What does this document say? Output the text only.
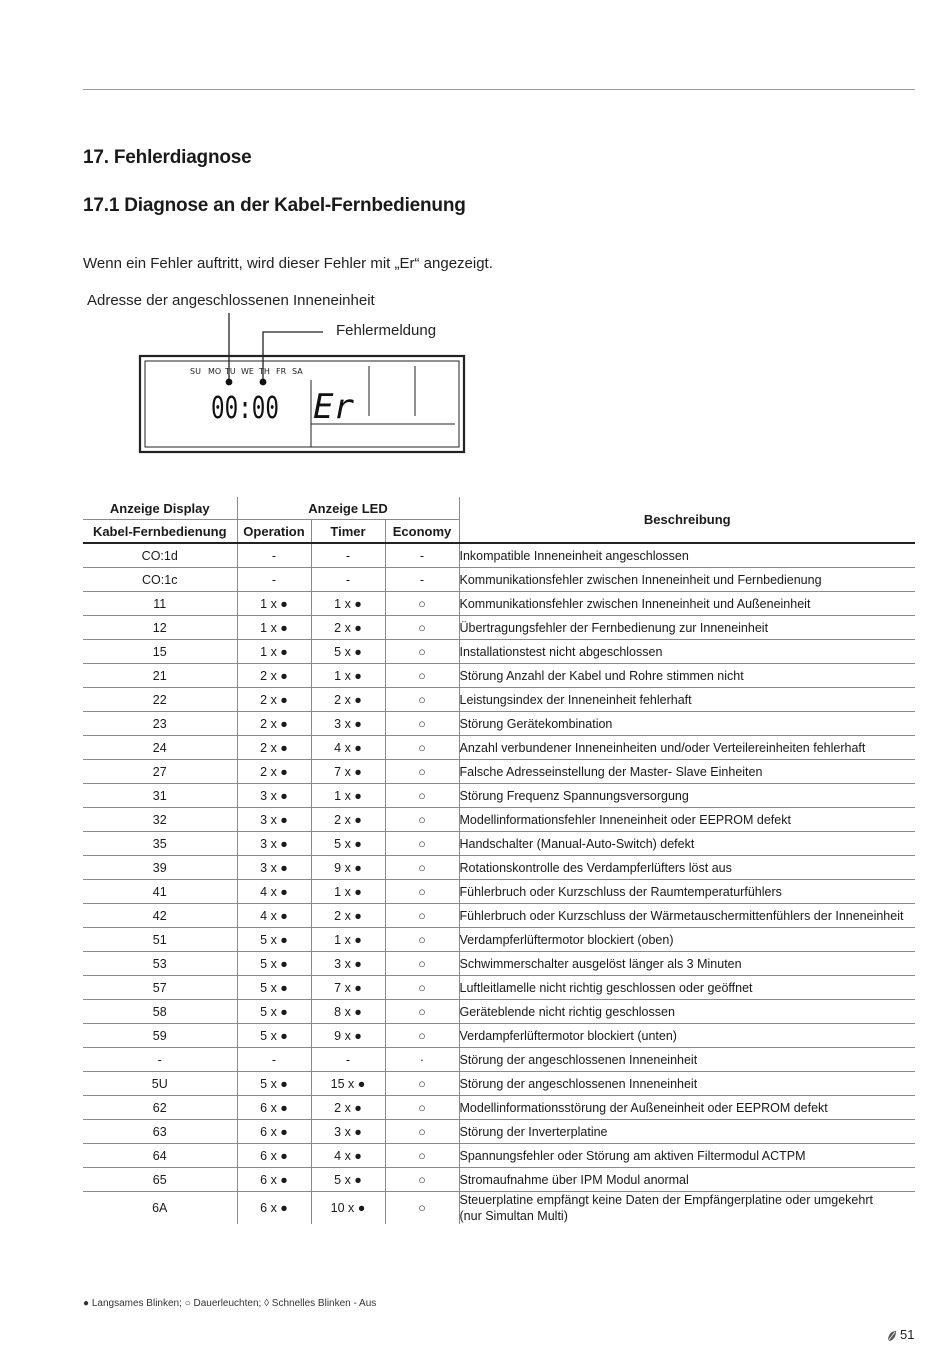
17. Fehlerdiagnose
17.1 Diagnose an der Kabel-Fernbedienung
Wenn ein Fehler auftritt, wird dieser Fehler mit „Er“ angezeigt.
Adresse der angeschlossenen Inneneinheit
Fehlermeldung
SU MO TU WE TH FR SA
00:00 Er
Anzeige Display	Anzeige LED			Beschreibung
Kabel-Fernbedienung	Operation	Timer	Economy	
CO:1d	-	-	-	Inkompatible Inneneinheit angeschlossen
CO:1c	-	-	-	Kommunikationsfehler zwischen Inneneinheit und Fernbedienung
11	1 x ●	1 x ●	○	Kommunikationsfehler zwischen Inneneinheit und Außeneinheit
12	1 x ●	2 x ●	○	Übertragungsfehler der Fernbedienung zur Inneneinheit
15	1 x ●	5 x ●	○	Installationstest nicht abgeschlossen
21	2 x ●	1 x ●	○	Störung Anzahl der Kabel und Rohre stimmen nicht
22	2 x ●	2 x ●	○	Leistungsindex der Inneneinheit fehlerhaft
23	2 x ●	3 x ●	○	Störung Gerätekombination
24	2 x ●	4 x ●	○	Anzahl verbundener Inneneinheiten und/oder Verteilereinheiten fehlerhaft
27	2 x ●	7 x ●	○	Falsche Adresseinstellung der Master- Slave Einheiten
31	3 x ●	1 x ●	○	Störung Frequenz Spannungsversorgung
32	3 x ●	2 x ●	○	Modellinformationsfehler Inneneinheit oder EEPROM defekt
35	3 x ●	5 x ●	○	Handschalter (Manual-Auto-Switch) defekt
39	3 x ●	9 x ●	○	Rotationskontrolle des Verdampferlüfters löst aus
41	4 x ●	1 x ●	○	Fühlerbruch oder Kurzschluss der Raumtemperaturfühlers
42	4 x ●	2 x ●	○	Fühlerbruch oder Kurzschluss der Wärmetauschermittenfühlers der Inneneinheit
51	5 x ●	1 x ●	○	Verdampferlüftermotor blockiert (oben)
53	5 x ●	3 x ●	○	Schwimmerschalter ausgelöst länger als 3 Minuten
57	5 x ●	7 x ●	○	Luftleitlamelle nicht richtig geschlossen oder geöffnet
58	5 x ●	8 x ●	○	Geräteblende nicht richtig geschlossen
59	5 x ●	9 x ●	○	Verdampferlüftermotor blockiert (unten)
-	-	-	·	Störung der angeschlossenen Inneneinheit
5U	5 x ●	15 x ●	○	Störung der angeschlossenen Inneneinheit
62	6 x ●	2 x ●	○	Modellinformationsstörung der Außeneinheit oder EEPROM defekt
63	6 x ●	3 x ●	○	Störung der Inverterplatine
64	6 x ●	4 x ●	○	Spannungsfehler oder Störung am aktiven Filtermodul ACTPM
65	6 x ●	5 x ●	○	Stromaufnahme über IPM Modul anormal
6A	6 x ●	10 x ●	○	Steuerplatine empfängt keine Daten der Empfängerplatine oder umgekehrt
(nur Simultan Multi)
● Langsames Blinken; ○ Dauerleuchten; ◊ Schnelles Blinken - Aus
51
